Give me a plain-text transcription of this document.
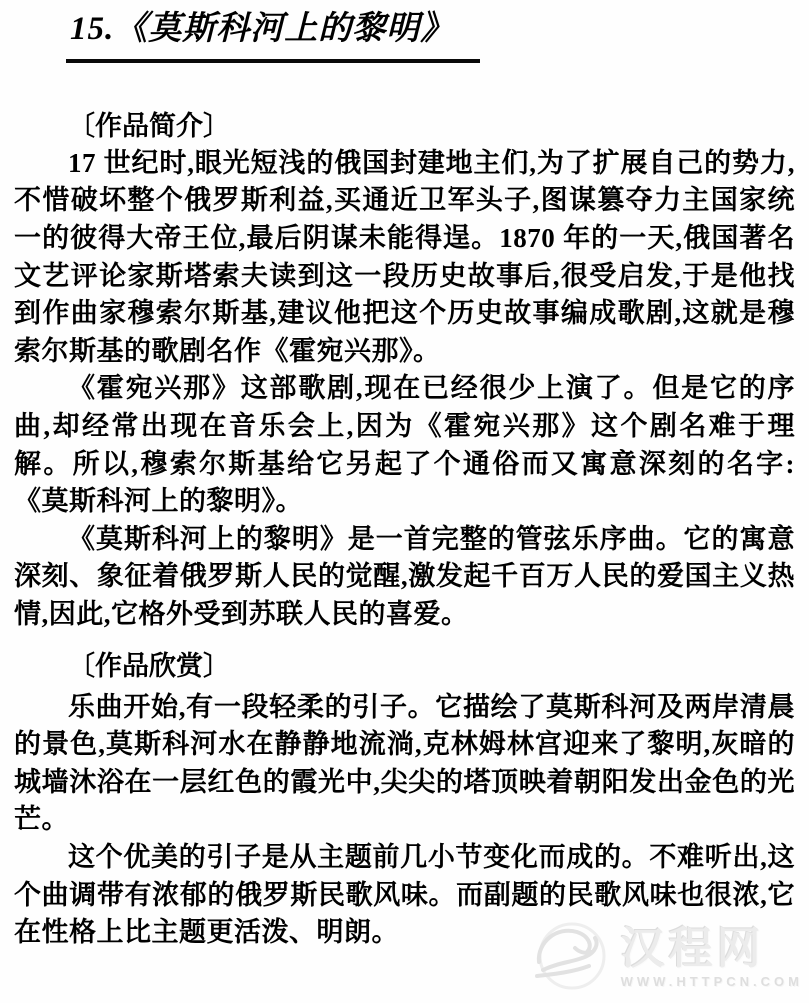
15.《莫斯科河上的黎明》
〔作品简介〕

17 世纪时,眼光短浅的俄国封建地主们,为了扩展自己的势力,不惜破坏整个俄罗斯利益,买通近卫军头子,图谋篡夺力主国家统一的彼得大帝王位,最后阴谋未能得逞。1870 年的一天,俄国著名文艺评论家斯塔索夫读到这一段历史故事后,很受启发,于是他找到作曲家穆索尔斯基,建议他把这个历史故事编成歌剧,这就是穆索尔斯基的歌剧名作《霍宛兴那》。

《霍宛兴那》这部歌剧,现在已经很少上演了。但是它的序曲,却经常出现在音乐会上,因为《霍宛兴那》这个剧名难于理解。所以,穆索尔斯基给它另起了个通俗而又寓意深刻的名字:《莫斯科河上的黎明》。

《莫斯科河上的黎明》是一首完整的管弦乐序曲。它的寓意深刻、象征着俄罗斯人民的觉醒,激发起千百万人民的爱国主义热情,因此,它格外受到苏联人民的喜爱。

〔作品欣赏〕

乐曲开始,有一段轻柔的引子。它描绘了莫斯科河及两岸清晨的景色,莫斯科河水在静静地流淌,克林姆林宫迎来了黎明,灰暗的城墙沐浴在一层红色的霞光中,尖尖的塔顶映着朝阳发出金色的光芒。

这个优美的引子是从主题前几小节变化而成的。不难听出,这个曲调带有浓郁的俄罗斯民歌风味。而副题的民歌风味也很浓,它在性格上比主题更活泼、明朗。	汉程网
WWW.HTTPCN.COM
